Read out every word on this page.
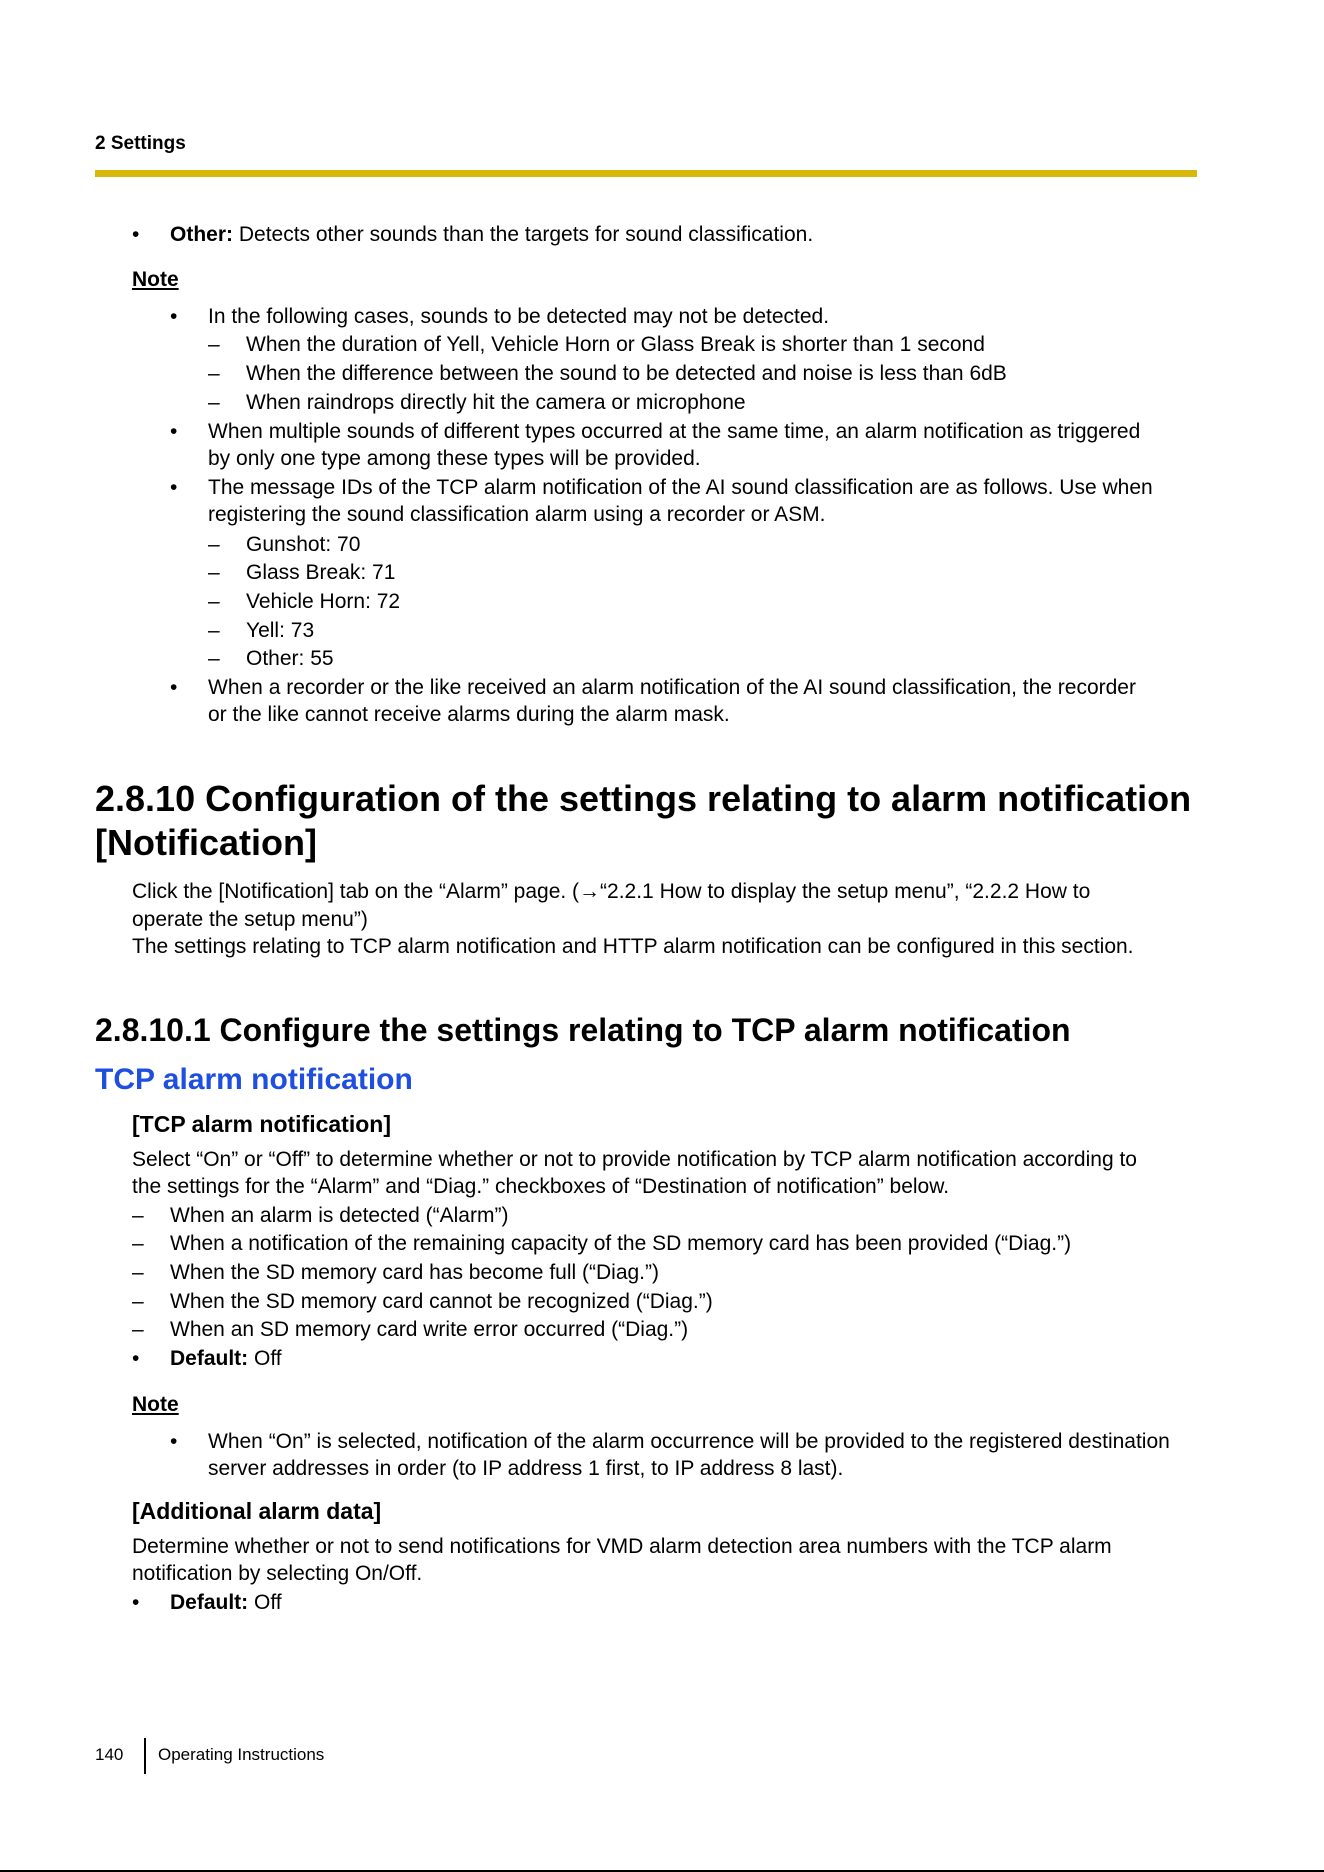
2 Settings
• Other: Detects other sounds than the targets for sound classification.
Note
• In the following cases, sounds to be detected may not be detected.
– When the duration of Yell, Vehicle Horn or Glass Break is shorter than 1 second
– When the difference between the sound to be detected and noise is less than 6dB
– When raindrops directly hit the camera or microphone
• When multiple sounds of different types occurred at the same time, an alarm notification as triggered
by only one type among these types will be provided.
• The message IDs of the TCP alarm notification of the AI sound classification are as follows. Use when
registering the sound classification alarm using a recorder or ASM.
– Gunshot: 70
– Glass Break: 71
– Vehicle Horn: 72
– Yell: 73
– Other: 55
• When a recorder or the like received an alarm notification of the AI sound classification, the recorder
or the like cannot receive alarms during the alarm mask.
2.8.10 Configuration of the settings relating to alarm notification
[Notification]
Click the [Notification] tab on the “Alarm” page. (→“2.2.1 How to display the setup menu”, “2.2.2 How to
operate the setup menu”)
The settings relating to TCP alarm notification and HTTP alarm notification can be configured in this section.
2.8.10.1 Configure the settings relating to TCP alarm notification
TCP alarm notification
[TCP alarm notification]
Select “On” or “Off” to determine whether or not to provide notification by TCP alarm notification according to
the settings for the “Alarm” and “Diag.” checkboxes of “Destination of notification” below.
– When an alarm is detected (“Alarm”)
– When a notification of the remaining capacity of the SD memory card has been provided (“Diag.”)
– When the SD memory card has become full (“Diag.”)
– When the SD memory card cannot be recognized (“Diag.”)
– When an SD memory card write error occurred (“Diag.”)
• Default: Off
Note
• When “On” is selected, notification of the alarm occurrence will be provided to the registered destination
server addresses in order (to IP address 1 first, to IP address 8 last).
[Additional alarm data]
Determine whether or not to send notifications for VMD alarm detection area numbers with the TCP alarm
notification by selecting On/Off.
• Default: Off
140 Operating Instructions
